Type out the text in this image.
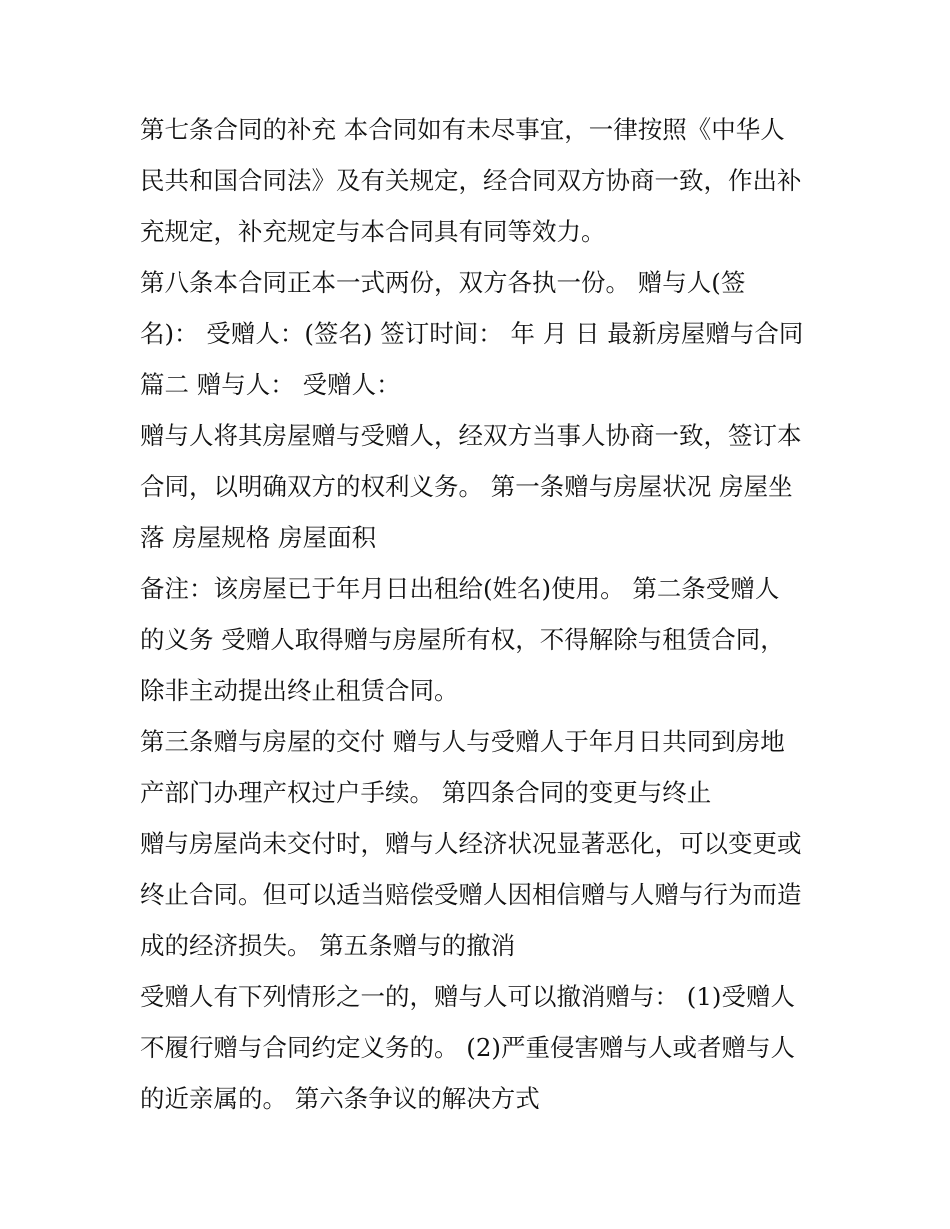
第七条合同的补充 本合同如有未尽事宜，一律按照《中华人
民共和国合同法》及有关规定，经合同双方协商一致，作出补
充规定，补充规定与本合同具有同等效力。

第八条本合同正本一式两份，双方各执一份。 赠与人(签
名)： 受赠人：(签名) 签订时间： 年 月 日 最新房屋赠与合同
篇二 赠与人： 受赠人：

赠与人将其房屋赠与受赠人，经双方当事人协商一致，签订本
合同，以明确双方的权利义务。 第一条赠与房屋状况 房屋坐
落 房屋规格 房屋面积

备注：该房屋已于年月日出租给(姓名)使用。 第二条受赠人
的义务 受赠人取得赠与房屋所有权，不得解除与租赁合同，
除非主动提出终止租赁合同。

第三条赠与房屋的交付 赠与人与受赠人于年月日共同到房地
产部门办理产权过户手续。 第四条合同的变更与终止

赠与房屋尚未交付时，赠与人经济状况显著恶化，可以变更或
终止合同。但可以适当赔偿受赠人因相信赠与人赠与行为而造
成的经济损失。 第五条赠与的撤消

受赠人有下列情形之一的，赠与人可以撤消赠与： (1)受赠人
不履行赠与合同约定义务的。 (2)严重侵害赠与人或者赠与人
的近亲属的。 第六条争议的解决方式
